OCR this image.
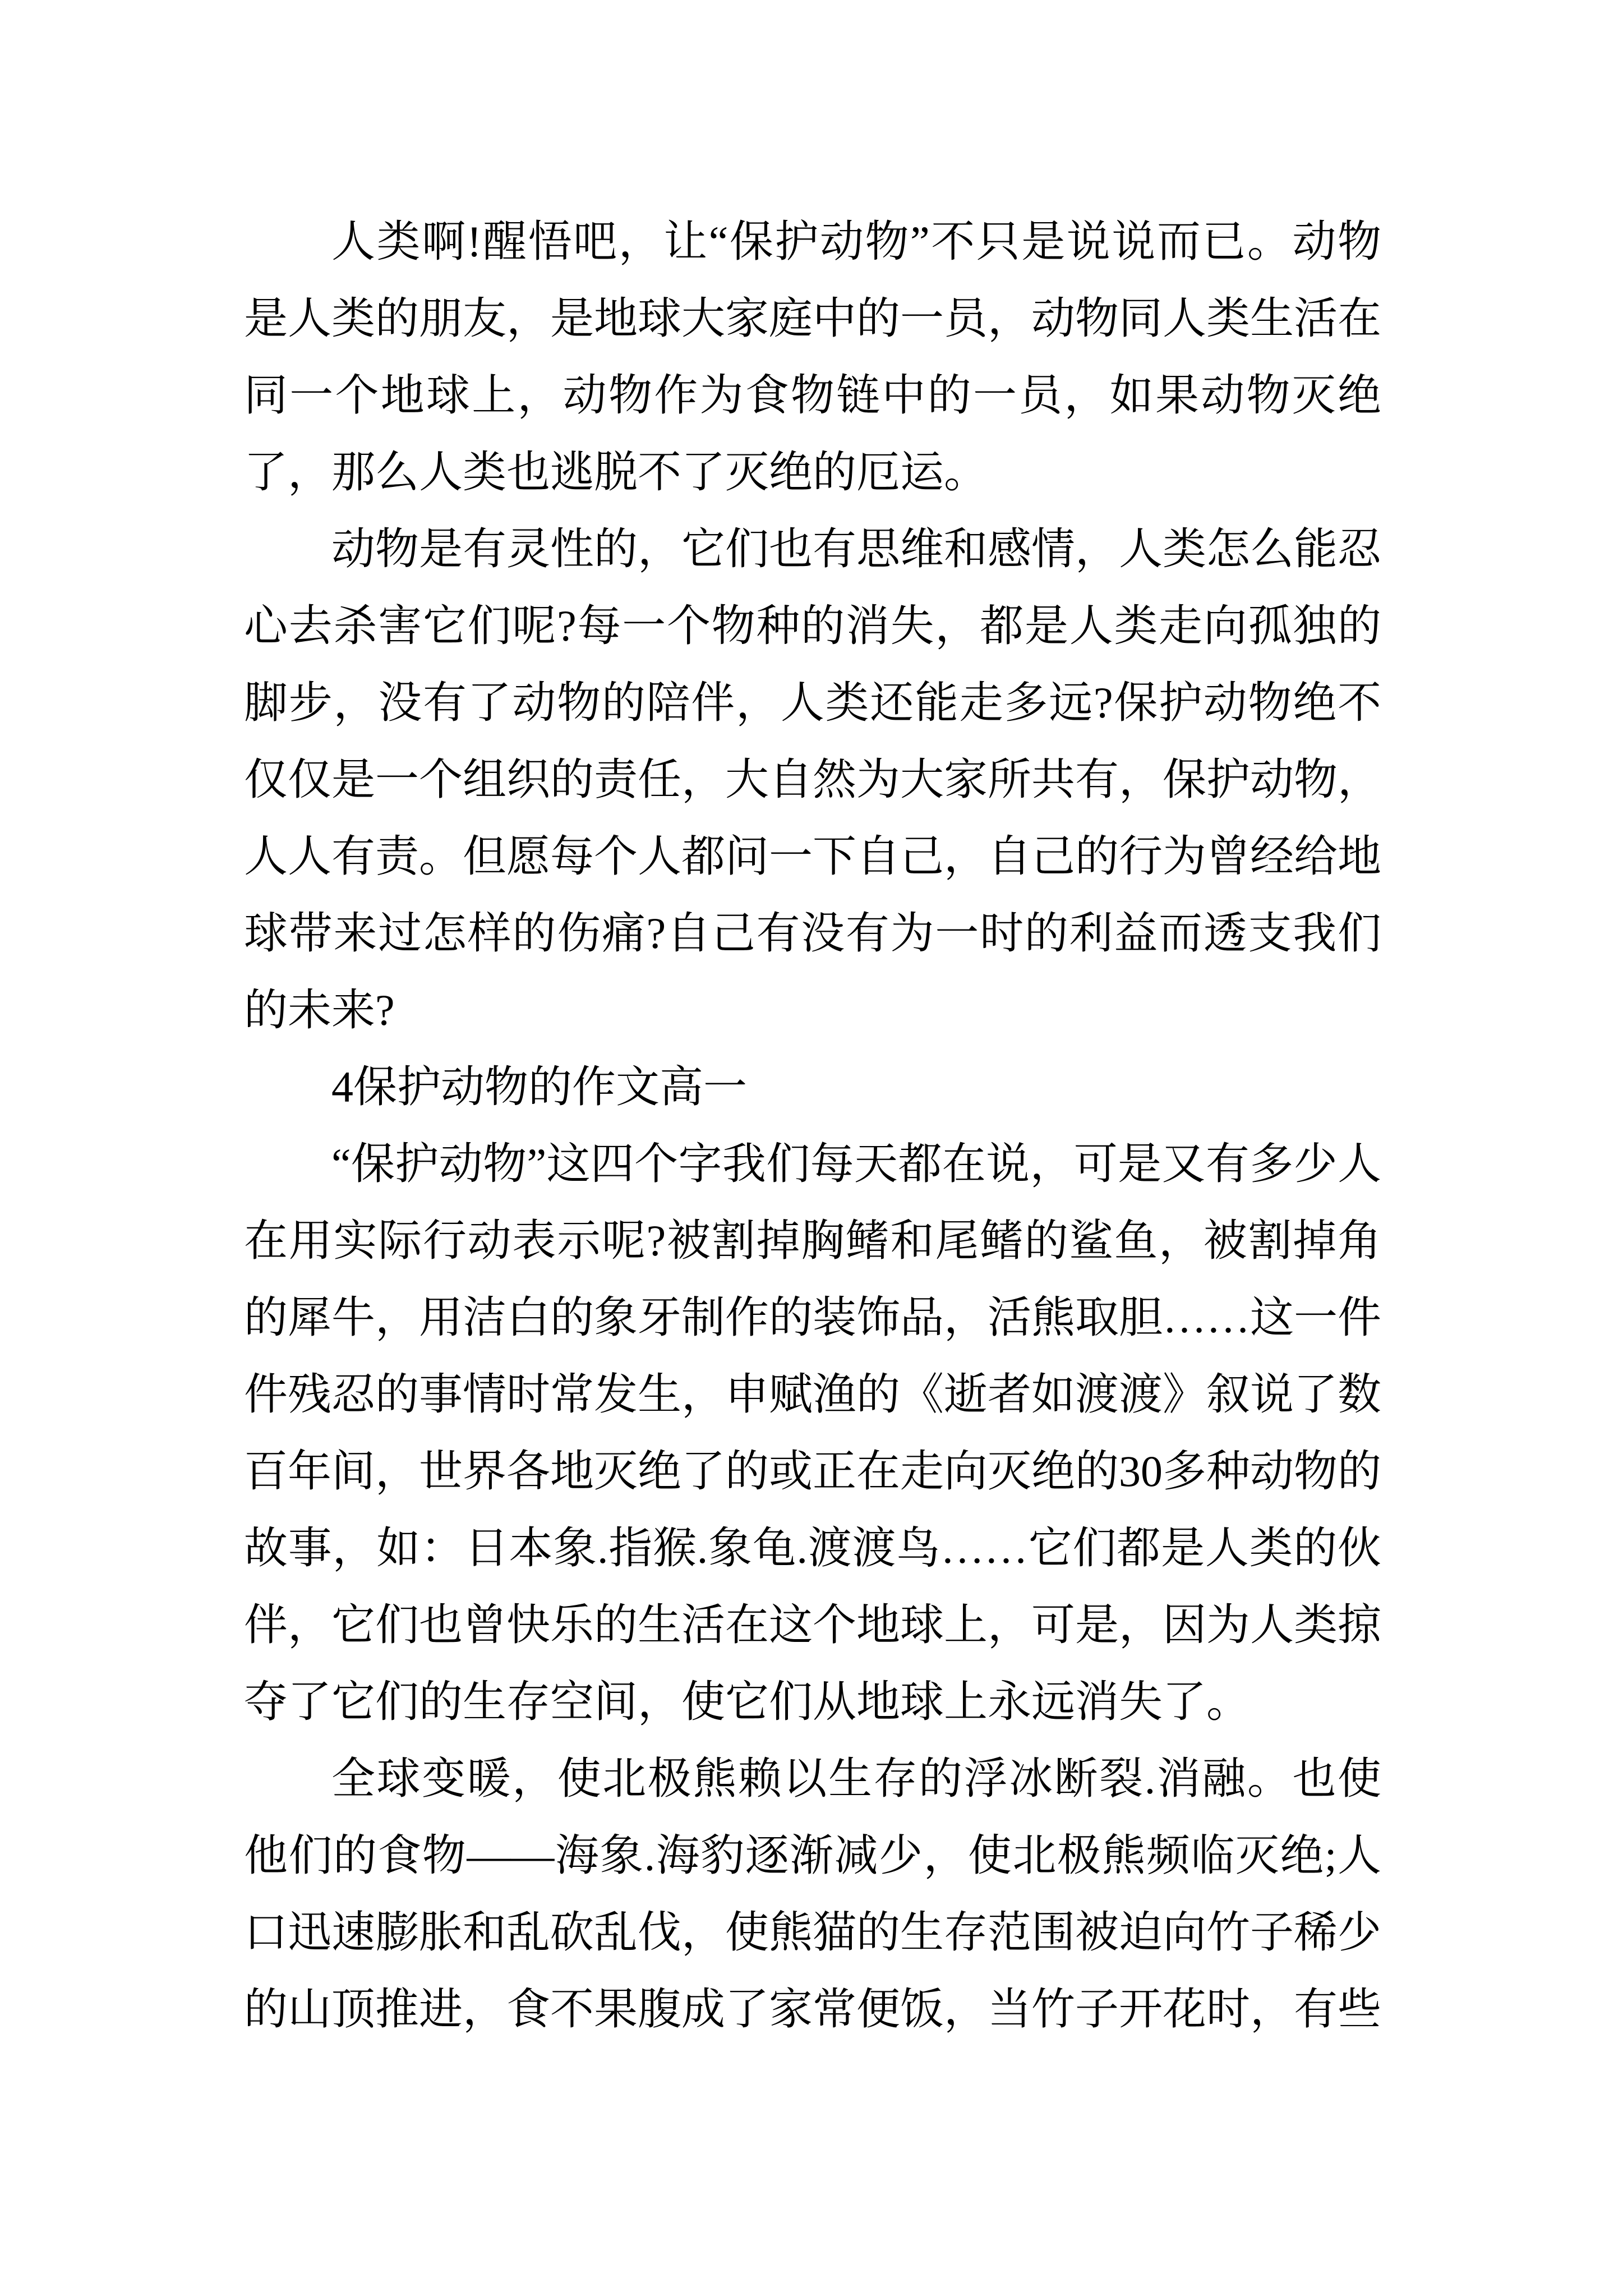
人类啊!醒悟吧，让“保护动物”不只是说说而已。动物是人类的朋友，是地球大家庭中的一员，动物同人类生活在同一个地球上，动物作为食物链中的一员，如果动物灭绝了，那么人类也逃脱不了灭绝的厄运。

动物是有灵性的，它们也有思维和感情，人类怎么能忍心去杀害它们呢?每一个物种的消失，都是人类走向孤独的脚步，没有了动物的陪伴，人类还能走多远?保护动物绝不仅仅是一个组织的责任，大自然为大家所共有，保护动物，人人有责。但愿每个人都问一下自己，自己的行为曾经给地球带来过怎样的伤痛?自己有没有为一时的利益而透支我们的未来?

4保护动物的作文高一

“保护动物”这四个字我们每天都在说，可是又有多少人在用实际行动表示呢?被割掉胸鳍和尾鳍的鲨鱼，被割掉角的犀牛，用洁白的象牙制作的装饰品，活熊取胆……这一件件残忍的事情时常发生，申赋渔的《逝者如渡渡》叙说了数百年间，世界各地灭绝了的或正在走向灭绝的30多种动物的故事，如：日本象.指猴.象龟.渡渡鸟……它们都是人类的伙伴，它们也曾快乐的生活在这个地球上，可是，因为人类掠夺了它们的生存空间，使它们从地球上永远消失了。

全球变暖，使北极熊赖以生存的浮冰断裂.消融。也使他们的食物——海象.海豹逐渐减少，使北极熊频临灭绝;人口迅速膨胀和乱砍乱伐，使熊猫的生存范围被迫向竹子稀少的山顶推进，食不果腹成了家常便饭，当竹子开花时，有些
